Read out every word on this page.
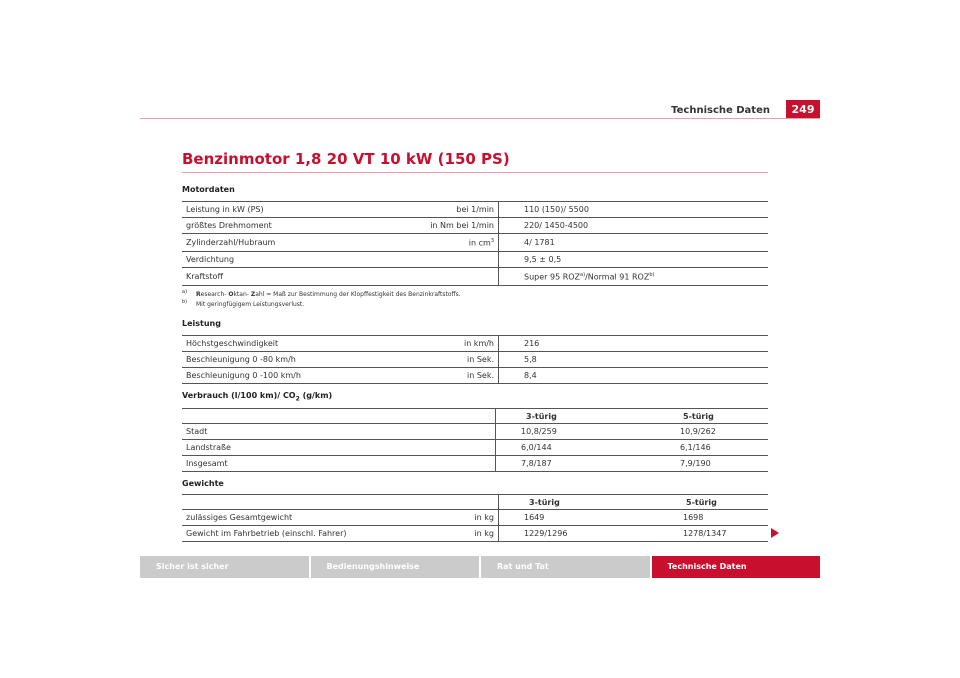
Technische Daten	249
Benzinmotor 1,8 20 VT 10 kW (150 PS)
Motordaten
Leistung in kW (PS)	bei 1/min	110 (150)/ 5500
größtes Drehmoment	in Nm bei 1/min	220/ 1450-4500
Zylinderzahl/Hubraum	in $cm^3$	4/ 1781
Verdichtung		9,5 ± 0,5
Kraftstoff		Super 95 ROZ$^{a)}$/Normal 91 ROZ$^{b)}$
a) Research- Oktan- Zahl = Maß zur Bestimmung der Klopffestigkeit des Benzinkraftstoffs.
b) Mit geringfügigem Leistungsverlust.
Leistung
Höchstgeschwindigkeit	in km/h	216
Beschleunigung 0 -80 km/h	in Sek.	5,8
Beschleunigung 0 -100 km/h	in Sek.	8,4
Verbrauch (l/100 km)/ $CO_2$ (g/km)
	3-türig	5-türig
Stadt	10,8/259	10,9/262
Landstraße	6,0/144	6,1/146
Insgesamt	7,8/187	7,9/190
Gewichte
		3-türig	5-türig
zulässiges Gesamtgewicht	in kg	1649	1698
Gewicht im Fahrbetrieb (einschl. Fahrer)	in kg	1229/1296	1278/1347
Sicher ist sicher	Bedienungshinweise	Rat und Tat	Technische Daten
